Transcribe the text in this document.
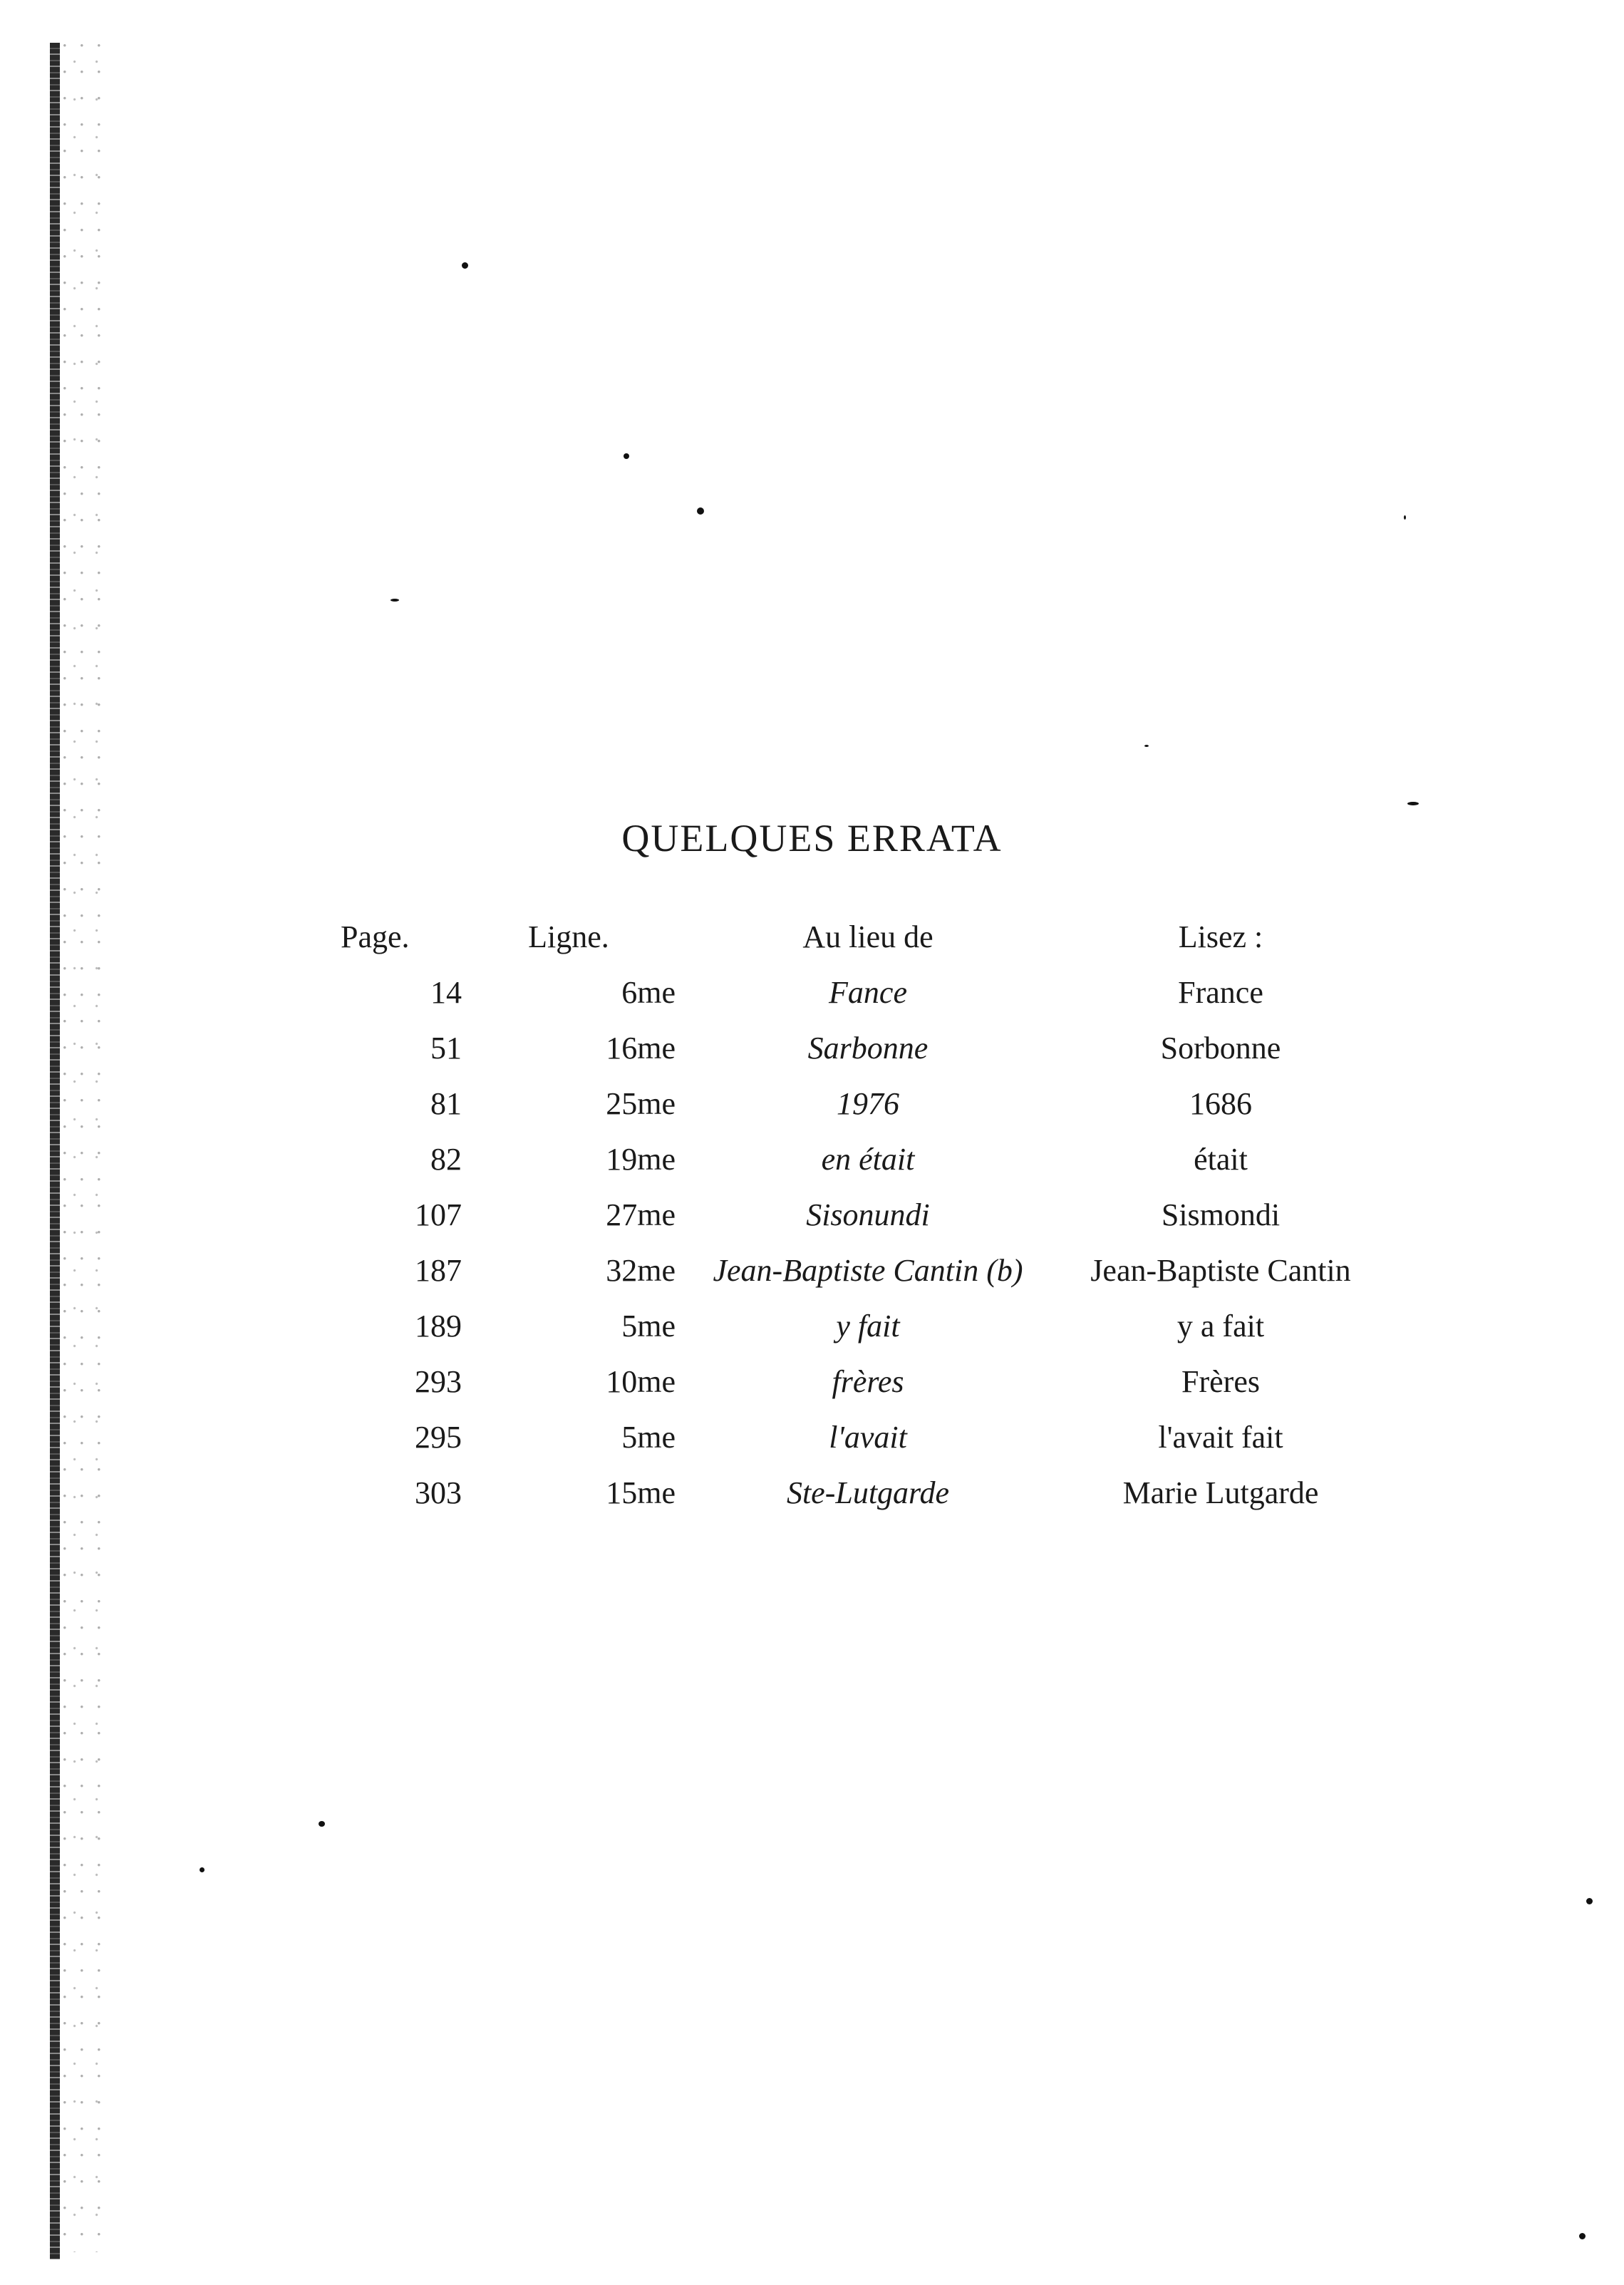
QUELQUES ERRATA
Page.	Ligne.	Au lieu de	Lisez :
14	6me	Fance	France
51	16me	Sarbonne	Sorbonne
81	25me	1976	1686
82	19me	en était	était
107	27me	Sisonundi	Sismondi
187	32me	Jean-Baptiste Cantin (b)	Jean-Baptiste Cantin
189	5me	y fait	y a fait
293	10me	frères	Frères
295	5me	l'avait	l'avait fait
303	15me	Ste-Lutgarde	Marie Lutgarde
